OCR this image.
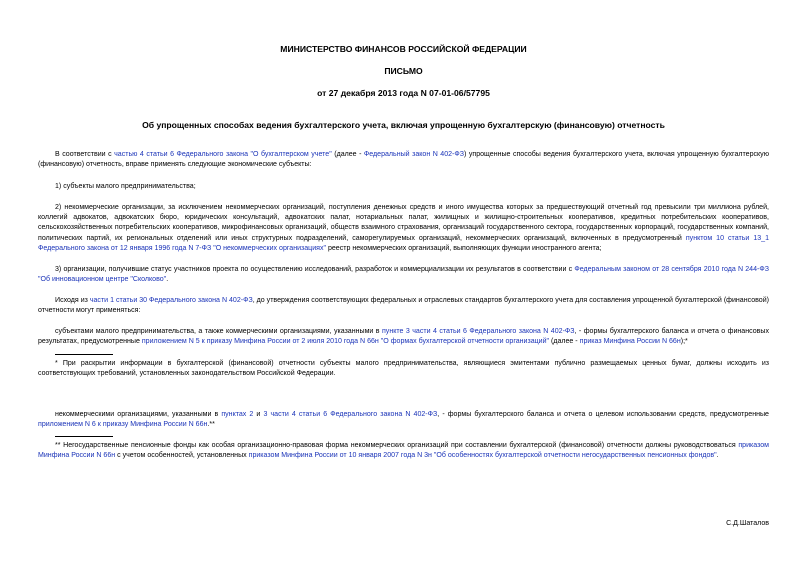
МИНИСТЕРСТВО ФИНАНСОВ РОССИЙСКОЙ ФЕДЕРАЦИИ
ПИСЬМО
от 27 декабря 2013 года N 07-01-06/57795
Об упрощенных способах ведения бухгалтерского учета, включая упрощенную бухгалтерскую (финансовую) отчетность

В соответствии с частью 4 статьи 6 Федерального закона "О бухгалтерском учете" (далее - Федеральный закон N 402-ФЗ) упрощенные способы ведения бухгалтерского учета, включая упрощенную бухгалтерскую (финансовую) отчетность, вправе применять следующие экономические субъекты:

1) субъекты малого предпринимательства;

2) некоммерческие организации, за исключением некоммерческих организаций, поступления денежных средств и иного имущества которых за предшествующий отчетный год превысили три миллиона рублей, коллегий адвокатов, адвокатских бюро, юридических консультаций, адвокатских палат, нотариальных палат, жилищных и жилищно-строительных кооперативов, кредитных потребительских кооперативов, сельскохозяйственных потребительских кооперативов, микрофинансовых организаций, обществ взаимного страхования, организаций государственного сектора, государственных корпораций, государственных компаний, политических партий, их региональных отделений или иных структурных подразделений, саморегулируемых организаций, некоммерческих организаций, включенных в предусмотренный пунктом 10 статьи 13_1 Федерального закона от 12 января 1996 года N 7-ФЗ "О некоммерческих организациях" реестр некоммерческих организаций, выполняющих функции иностранного агента;

3) организации, получившие статус участников проекта по осуществлению исследований, разработок и коммерциализации их результатов в соответствии с Федеральным законом от 28 сентября 2010 года N 244-ФЗ "Об инновационном центре "Сколково".

Исходя из части 1 статьи 30 Федерального закона N 402-ФЗ, до утверждения соответствующих федеральных и отраслевых стандартов бухгалтерского учета для составления упрощенной бухгалтерской (финансовой) отчетности могут применяться:

субъектами малого предпринимательства, а также коммерческими организациями, указанными в пункте 3 части 4 статьи 6 Федерального закона N 402-ФЗ, - формы бухгалтерского баланса и отчета о финансовых результатах, предусмотренные приложением N 5 к приказу Минфина России от 2 июля 2010 года N 66н "О формах бухгалтерской отчетности организаций" (далее - приказ Минфина России N 66н);*

* При раскрытии информации в бухгалтерской (финансовой) отчетности субъекты малого предпринимательства, являющиеся эмитентами публично размещаемых ценных бумаг, должны исходить из соответствующих требований, установленных законодательством Российской Федерации.

некоммерческими организациями, указанными в пунктах 2 и 3 части 4 статьи 6 Федерального закона N 402-ФЗ, - формы бухгалтерского баланса и отчета о целевом использовании средств, предусмотренные приложением N 6 к приказу Минфина России N 66н.**

** Негосударственные пенсионные фонды как особая организационно-правовая форма некоммерческих организаций при составлении бухгалтерской (финансовой) отчетности должны руководствоваться приказом Минфина России N 66н с учетом особенностей, установленных приказом Минфина России от 10 января 2007 года N 3н "Об особенностях бухгалтерской отчетности негосударственных пенсионных фондов".

С.Д.Шаталов
